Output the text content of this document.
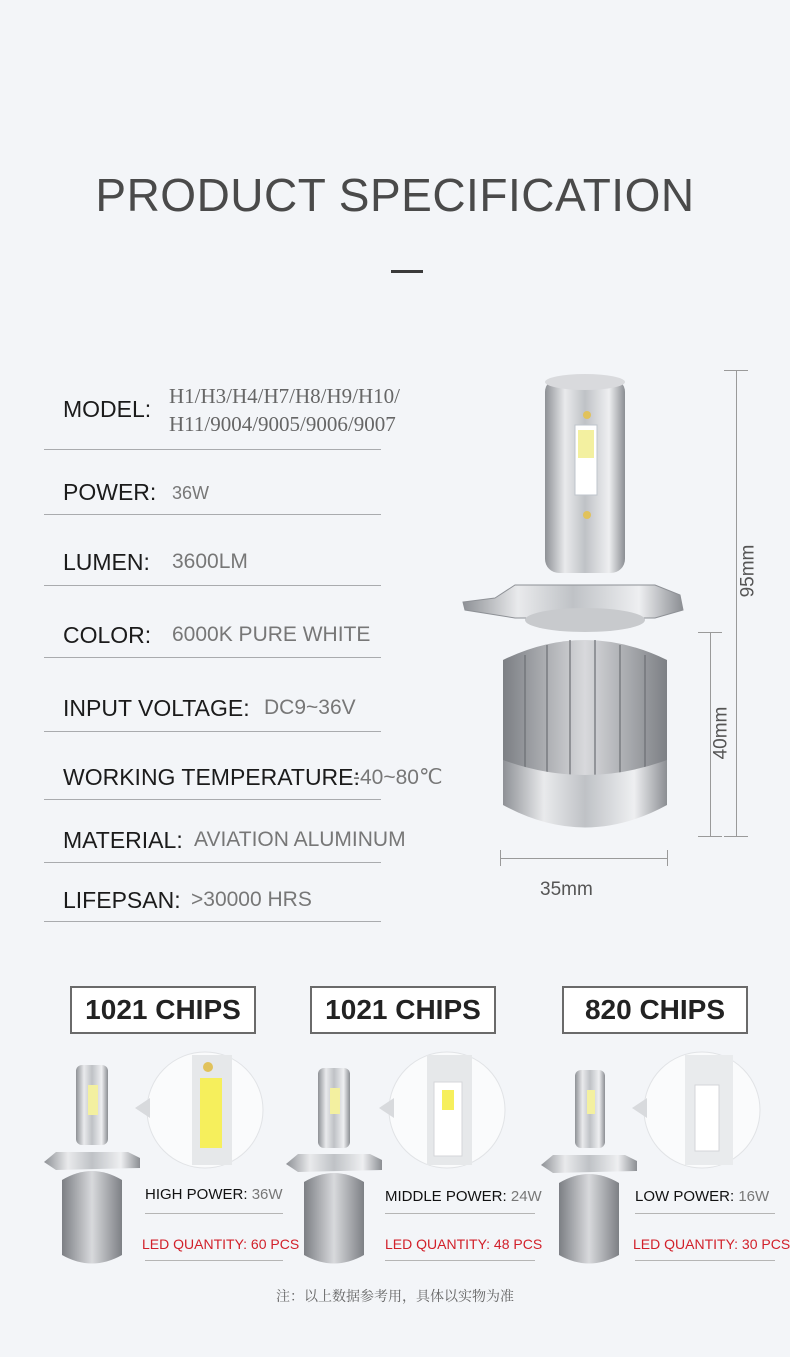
PRODUCT SPECIFICATION
MODEL: H1/H3/H4/H7/H8/H9/H10/
H11/9004/9005/9006/9007
POWER: 36W
LUMEN: 3600LM
COLOR: 6000K PURE WHITE
INPUT VOLTAGE: DC9~36V
WORKING TEMPERATURE:
-40~80℃
MATERIAL: AVIATION ALUMINUM
LIFEPSAN: >30000 HRS
95mm
40mm
35mm
1021 CHIPS	1021 CHIPS	820 CHIPS
HIGH POWER: 36W
LED QUANTITY: 60 PCS
MIDDLE POWER: 24W
LED QUANTITY: 48 PCS
LOW POWER: 16W
LED QUANTITY: 30 PCS
注：以上数据参考用，具体以实物为准
